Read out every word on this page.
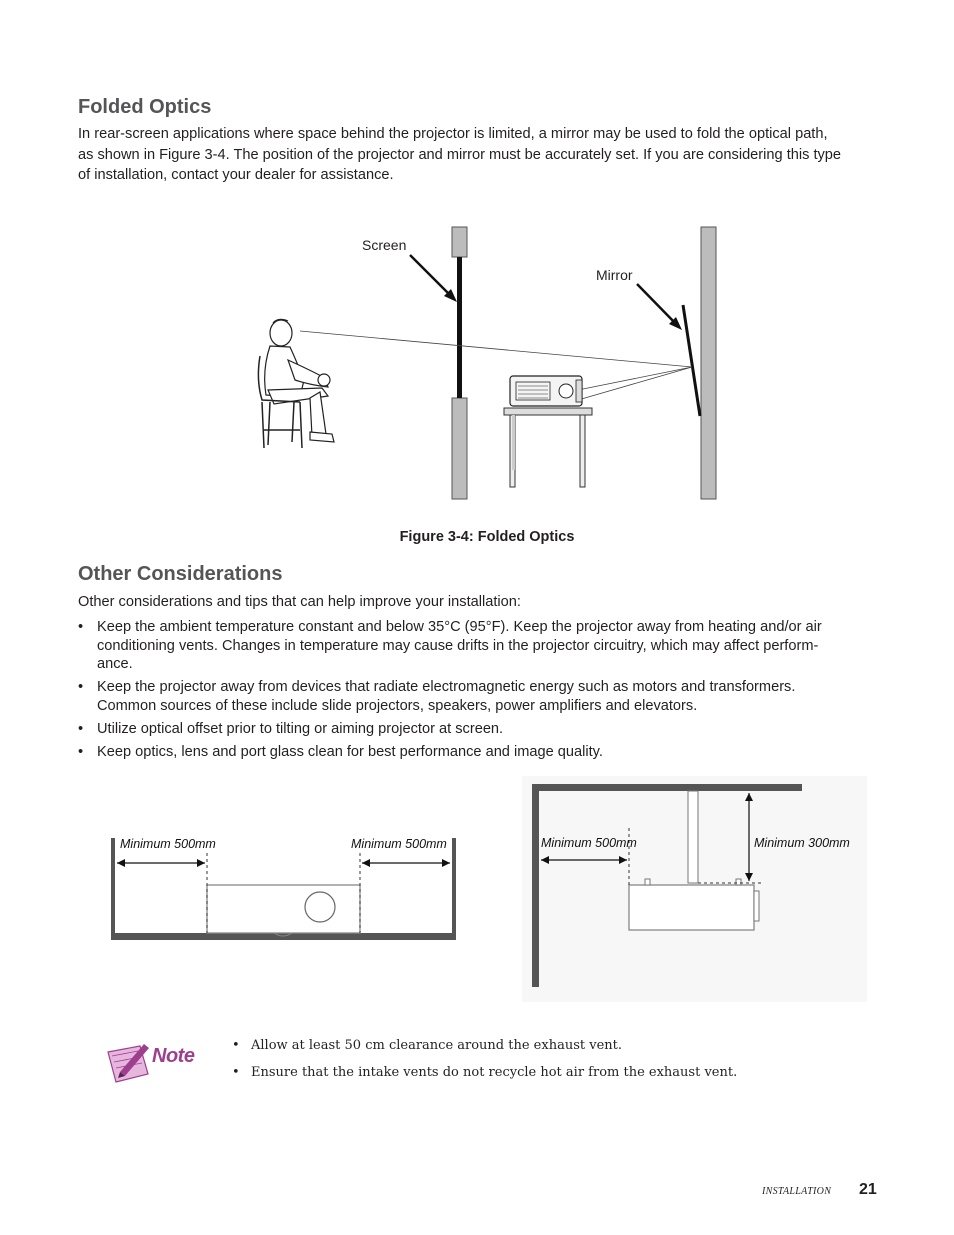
Folded Optics
In rear-screen applications where space behind the projector is limited, a mirror may be used to fold the optical path,
as shown in Figure 3-4. The position of the projector and mirror must be accurately set. If you are considering this type
of installation, contact your dealer for assistance.
Screen
Mirror
Figure 3-4: Folded Optics
Other Considerations
Other considerations and tips that can help improve your installation:
• Keep the ambient temperature constant and below 35°C (95°F). Keep the projector away from heating and/or air
conditioning vents. Changes in temperature may cause drifts in the projector circuitry, which may affect perform-
ance.
• Keep the projector away from devices that radiate electromagnetic energy such as motors and transformers.
Common sources of these include slide projectors, speakers, power amplifiers and elevators.
• Utilize optical offset prior to tilting or aiming projector at screen.
• Keep optics, lens and port glass clean for best performance and image quality.
Minimum 500mm	Minimum 500mm	Minimum 500mm	Minimum 300mm
Note	• Allow at least 50 cm clearance around the exhaust vent.
• Ensure that the intake vents do not recycle hot air from the exhaust vent.
INSTALLATION 21
